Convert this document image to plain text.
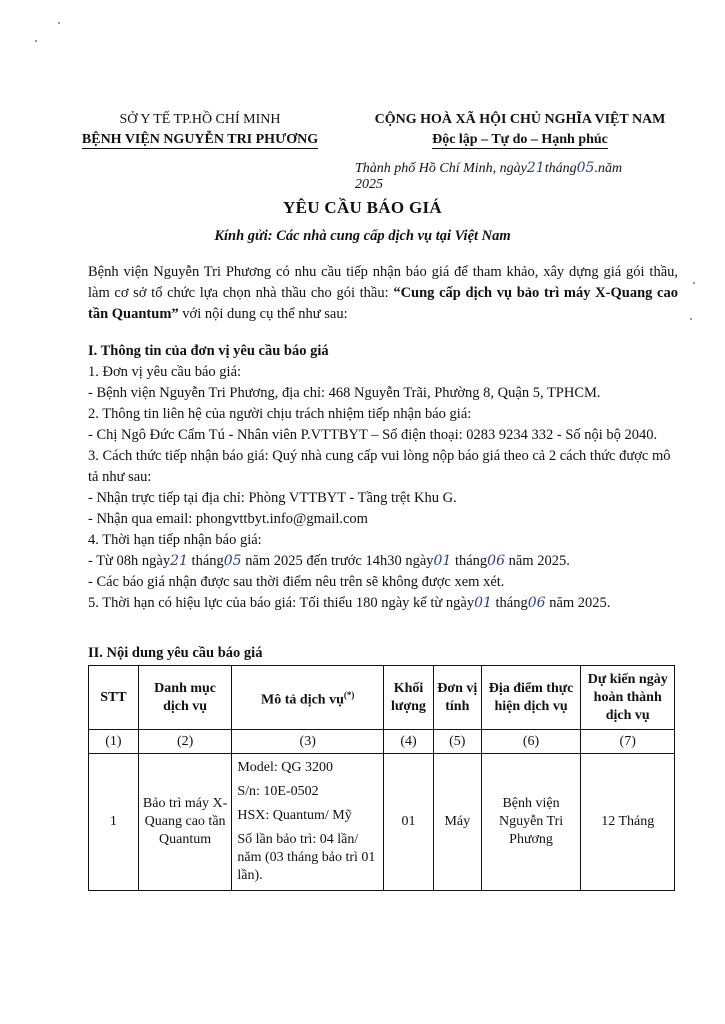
SỞ Y TẾ TP.HỒ CHÍ MINH
BỆNH VIỆN NGUYỄN TRI PHƯƠNG
CỘNG HOÀ XÃ HỘI CHỦ NGHĨA VIỆT NAM
Độc lập – Tự do – Hạnh phúc
Thành phố Hồ Chí Minh, ngày21tháng05.năm 2025
YÊU CẦU BÁO GIÁ
Kính gửi: Các nhà cung cấp dịch vụ tại Việt Nam
Bệnh viện Nguyễn Tri Phương có nhu cầu tiếp nhận báo giá để tham khảo, xây dựng giá gói thầu, làm cơ sở tổ chức lựa chọn nhà thầu cho gói thầu: “Cung cấp dịch vụ bảo trì máy X-Quang cao tần Quantum” với nội dung cụ thể như sau:
I. Thông tin của đơn vị yêu cầu báo giá
1. Đơn vị yêu cầu báo giá:
- Bệnh viện Nguyễn Tri Phương, địa chỉ: 468 Nguyễn Trãi, Phường 8, Quận 5, TPHCM.
2. Thông tin liên hệ của người chịu trách nhiệm tiếp nhận báo giá:
- Chị Ngô Đức Cẩm Tú - Nhân viên P.VTTBYT – Số điện thoại: 0283 9234 332 - Số nội bộ 2040.
3. Cách thức tiếp nhận báo giá: Quý nhà cung cấp vui lòng nộp báo giá theo cả 2 cách thức được mô tả như sau:
- Nhận trực tiếp tại địa chỉ: Phòng VTTBYT - Tầng trệt Khu G.
- Nhận qua email: phongvttbyt.info@gmail.com
4. Thời hạn tiếp nhận báo giá:
- Từ 08h ngày21 tháng05 năm 2025 đến trước 14h30 ngày01 tháng06 năm 2025.
- Các báo giá nhận được sau thời điểm nêu trên sẽ không được xem xét.
5. Thời hạn có hiệu lực của báo giá: Tối thiểu 180 ngày kể từ ngày01 tháng06 năm 2025.
II. Nội dung yêu cầu báo giá
STT	Danh mục dịch vụ	Mô tả dịch vụ(*)	Khối lượng	Đơn vị tính	Địa điểm thực hiện dịch vụ	Dự kiến ngày hoàn thành dịch vụ
(1)	(2)	(3)	(4)	(5)	(6)	(7)
1	Bảo trì máy X-Quang cao tần Quantum	Model: QG 3200
S/n: 10E-0502
HSX: Quantum/ Mỹ
Số lần bảo trì: 04 lần/ năm (03 tháng bảo trì 01 lần).	01	Máy	Bệnh viện Nguyễn Tri Phương	12 Tháng
